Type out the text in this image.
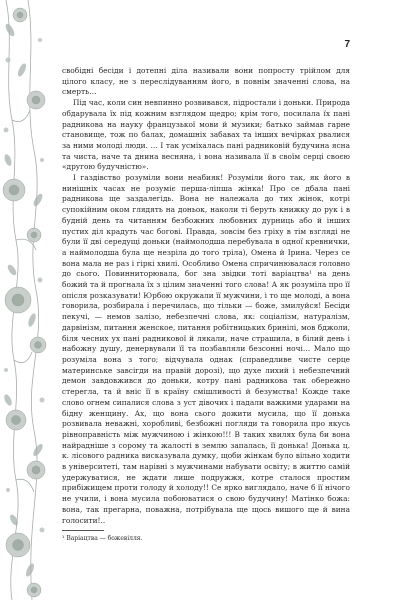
7

свобідні бесіди і дотепні діла називали вони попросту трійлом для цілого класу, не з переслідуванням його, в повнім значенні слова, на смерть…

Під час, коли син невпинно розвивався, підростали і доньки. Природа обдарувала їх під кожним взглядом щедро; крім того, посилала їх пані радникова на науку французької мови й музики; батько займав гарне становище, тож по балах, домашніх забавах та інших вечірках рвалися за ними молоді люди. … І так усміхалась пані радниковій будучина ясна та чиста, наче та днина весняна, і вона називала її в своїм серці своєю «другою будучністю».

І газдівство розуміли вони неабияк! Розуміли його так, як його в нинішніх часах не розуміє перша-ліпша жінка! Про се дбала пані радникова ще заздалегідь. Вона не належала до тих жінок, котрі супокійним оком глядять на доньок, наколи ті беруть книжку до рук і в будній день та читанням безбожних любовних дурниць або й інших пустих діл крадуть час богові. Правда, зовсім без гріху в тім взгляді не були її дві середущі доньки (наймолодша перебувала в одної кревнички, а наймолодша була ще незріла до того тріла), Омена й Ірина. Через се вона мала не раз і гіркі хвилі. Особливо Омена спричинювалася головно до сього. Повинниторювала, бог зна звідки тоті варіацтва¹ на день божий та й прогнала їх з цілим значенні того слова! А як розуміла про її опісля розказувати! Юрбою окружали її мужчини, і то ще молоді, а вона говорила, розбирала і перечилась, що тільки — боже, змилуйся! Бесіди пекучі, — немов залізо, небезпечні слова, як: соціалізм, натуралізм, дарвінізм, питання женское, питання робітницьких бринілі, мов бджоли, біля чесних ух пані радникової й лякали, наче страшила, в білий день і набожну душу, денервували її та позбавляли безсонні ночі… Мало що розуміла вона з того; відчувала однак (справедливе чисте серце материнське завсігди на правій дорозі), що духе лихий і небезпечний демон завдовжився до доньки, котру пані радникова так обережно стерегла, та й вніс її в країну смішливості й безумства! Кожде таке слово огнем сипалися слова з уст дівочих і падали важкими ударами на бідну женщину. Ах, що вона сього дожити мусила, що її донька розвивала неважні, хоробливі, безбожні погляди та говорила про якусь рівноправність між мужчиною і жінкою!!! В таких хвилях була би вона найрадніше з сорому та жалості в землю запалась, її донька! Донька ц. к. лісового радника висказувала думку, щоби жінкам було вільно ходити в університеті, там нарівні з мужчинами набувати освіту; в життю самій удержуватися, не ждати лише подружжя, котре сталося простим прибіжищем проти голоду й холоду!! Се ярко виглядало, наче б її нічого не учили, і вона мусила побоюватися о свою будучину! Матінко божа: вона, так прегарна, поважна, потрібувала ще щось вишого ще й вина голосити!..

¹ Варіацтва — божевілля.
